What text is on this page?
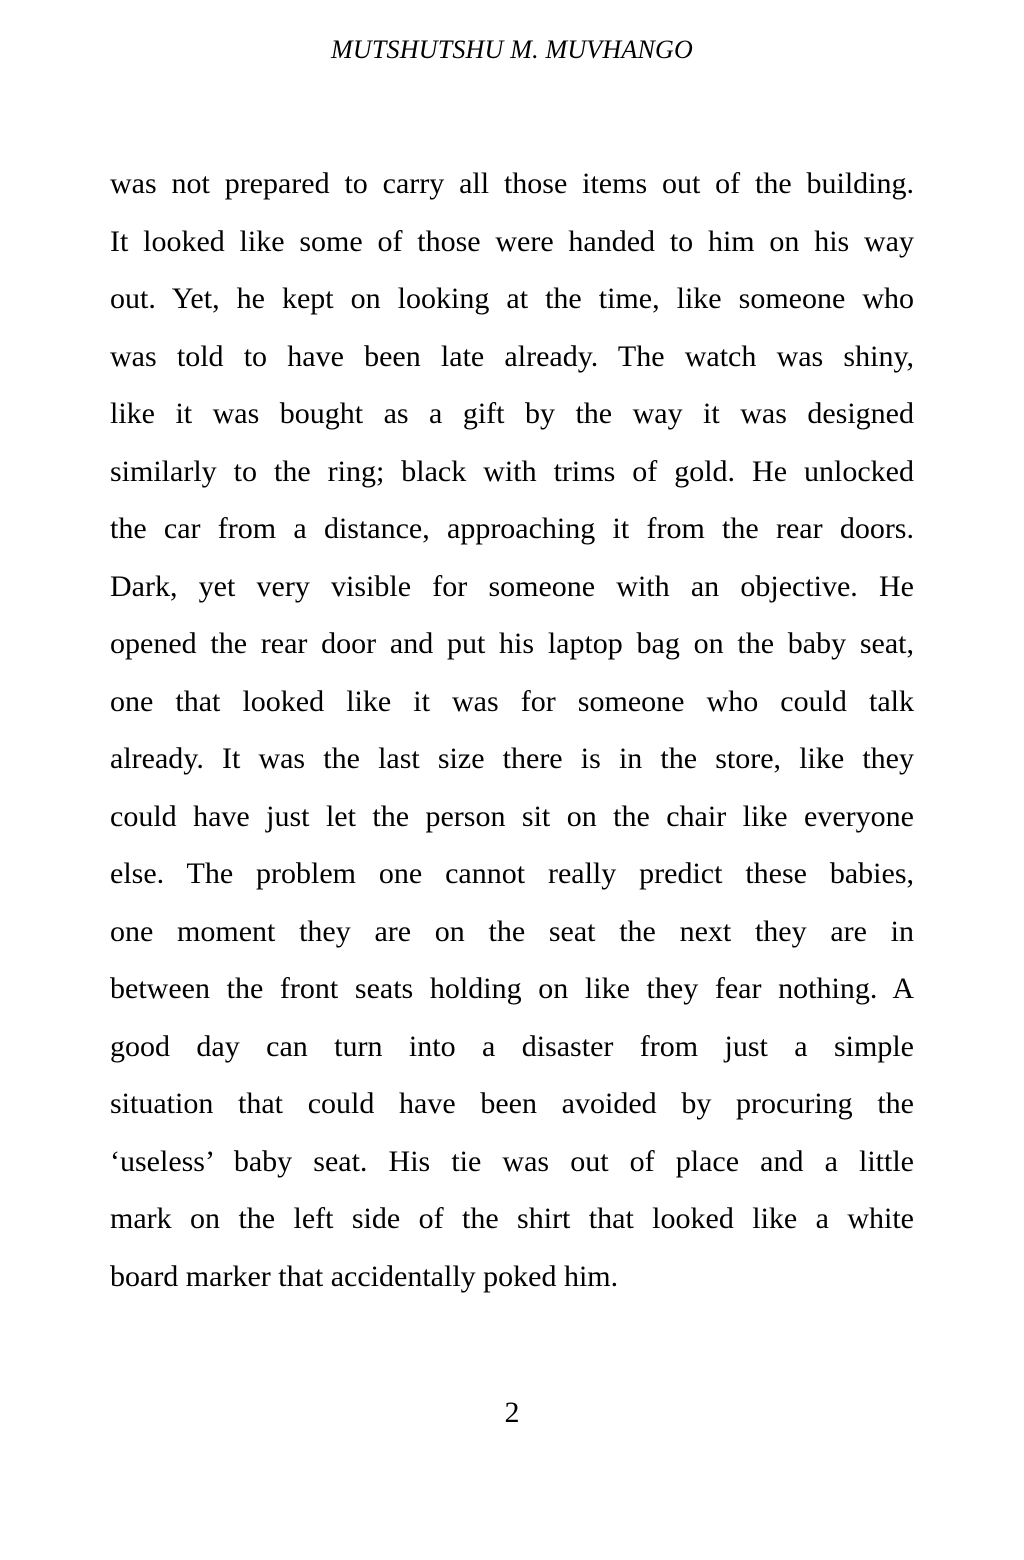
MUTSHUTSHU M. MUVHANGO
was not prepared to carry all those items out of the building.
It looked like some of those were handed to him on his way
out. Yet, he kept on looking at the time, like someone who
was told to have been late already. The watch was shiny,
like it was bought as a gift by the way it was designed
similarly to the ring; black with trims of gold. He unlocked
the car from a distance, approaching it from the rear doors.
Dark, yet very visible for someone with an objective. He
opened the rear door and put his laptop bag on the baby seat,
one that looked like it was for someone who could talk
already. It was the last size there is in the store, like they
could have just let the person sit on the chair like everyone
else. The problem one cannot really predict these babies,
one moment they are on the seat the next they are in
between the front seats holding on like they fear nothing. A
good day can turn into a disaster from just a simple
situation that could have been avoided by procuring the
‘useless’ baby seat. His tie was out of place and a little
mark on the left side of the shirt that looked like a white
board marker that accidentally poked him.
2
